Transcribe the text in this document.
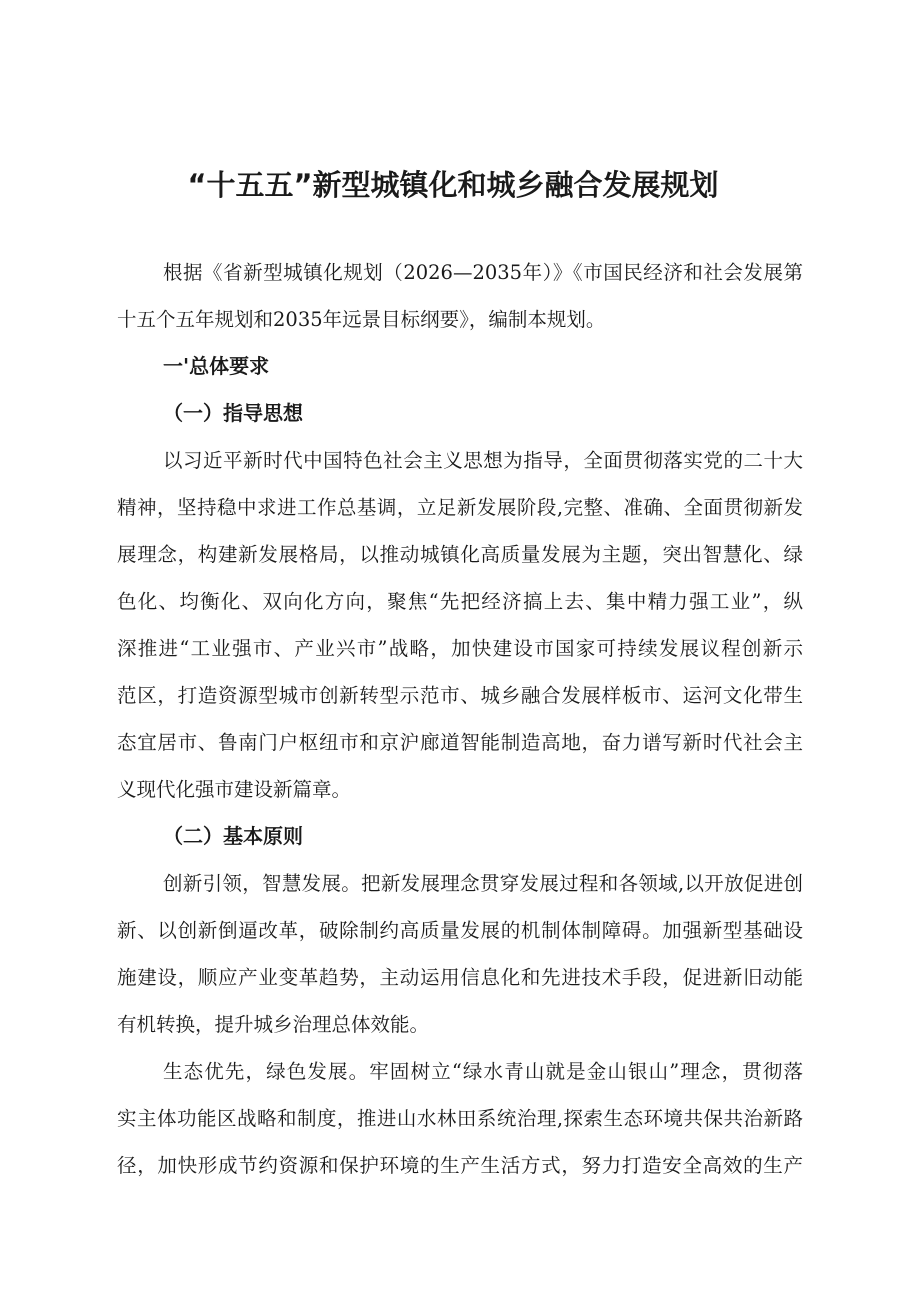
“十五五”新型城镇化和城乡融合发展规划
根据《省新型城镇化规划（2026—2035年）》《市国民经济和社会发展第
十五个五年规划和2035年远景目标纲要》，编制本规划。
一'总体要求
（一）指导思想
以习近平新时代中国特色社会主义思想为指导，全面贯彻落实党的二十大
精神，坚持稳中求进工作总基调，立足新发展阶段,完整、准确、全面贯彻新发
展理念，构建新发展格局，以推动城镇化高质量发展为主题，突出智慧化、绿
色化、均衡化、双向化方向，聚焦“先把经济搞上去、集中精力强工业”，纵
深推进“工业强市、产业兴市”战略，加快建设市国家可持续发展议程创新示
范区，打造资源型城市创新转型示范市、城乡融合发展样板市、运河文化带生
态宜居市、鲁南门户枢纽市和京沪廊道智能制造高地，奋力谱写新时代社会主
义现代化强市建设新篇章。
（二）基本原则
创新引领，智慧发展。把新发展理念贯穿发展过程和各领域,以开放促进创
新、以创新倒逼改革，破除制约高质量发展的机制体制障碍。加强新型基础设
施建设，顺应产业变革趋势，主动运用信息化和先进技术手段，促进新旧动能
有机转换，提升城乡治理总体效能。
生态优先，绿色发展。牢固树立“绿水青山就是金山银山”理念，贯彻落
实主体功能区战略和制度，推进山水林田系统治理,探索生态环境共保共治新路
径，加快形成节约资源和保护环境的生产生活方式，努力打造安全高效的生产
